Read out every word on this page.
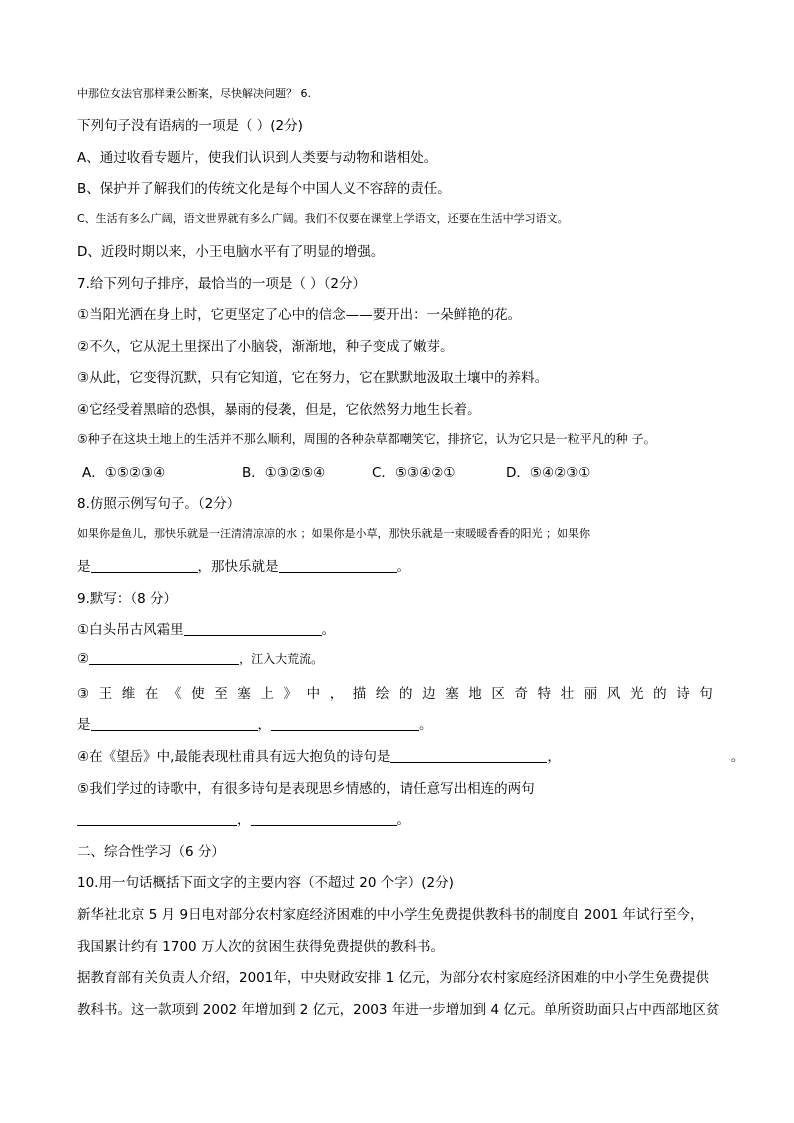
中那位女法官那样秉公断案，尽快解决问题？ 6.
下列句子没有语病的一项是（ ）(2分)
A、通过收看专题片，使我们认识到人类要与动物和谐相处。
B、保护并了解我们的传统文化是每个中国人义不容辞的责任。
C、生活有多么广阔，语文世界就有多么广阔。我们不仅要在课堂上学语文，还要在生活中学习语文。
D、近段时期以来，小王电脑水平有了明显的增强。
7.给下列句子排序，最恰当的一项是（ ）（2分）
①当阳光洒在身上时，它更坚定了心中的信念——要开出：一朵鲜艳的花。
②不久，它从泥土里探出了小脑袋，渐渐地，种子变成了嫩芽。
③从此，它变得沉默，只有它知道，它在努力，它在默默地汲取土壤中的养料。
④它经受着黑暗的恐惧，暴雨的侵袭，但是，它依然努力地生长着。
⑤种子在这块土地上的生活并不那么顺利，周围的各种杂草都嘲笑它，排挤它，认为它只是一粒平凡的种 子。
A．①⑤②③④	B．①③②⑤④	C．⑤③④②①	D．⑤④②③①
8.仿照示例写句子。（2分）
如果你是鱼儿，那快乐就是一汪清清凉凉的水 ；如果你是小草，那快乐就是一束暖暖香香的阳光 ；如果你
是	，那快乐就是	。
9.默写：（8 分）
①白头吊古风霜里	。
②	，江入大荒流。
③王维在《使至塞上》中，描绘的边塞地区奇特壮丽风光的诗句
是	，	。
④在《望岳》中,最能表现杜甫具有远大抱负的诗句是	，	。
⑤我们学过的诗歌中，有很多诗句是表现思乡情感的，请任意写出相连的两句
，	。
二、综合性学习（6 分）
10.用一句话概括下面文字的主要内容（不超过 20 个字）(2分)
新华社北京 5 月 9日电对部分农村家庭经济困难的中小学生免费提供教科书的制度自 2001 年试行至今，
我国累计约有 1700 万人次的贫困生获得免费提供的教科书。
据教育部有关负责人介绍，2001年，中央财政安排 1 亿元，为部分农村家庭经济困难的中小学生免费提供
教科书。这一款项到 2002 年增加到 2 亿元，2003 年进一步增加到 4 亿元。单所资助面只占中西部地区贫
